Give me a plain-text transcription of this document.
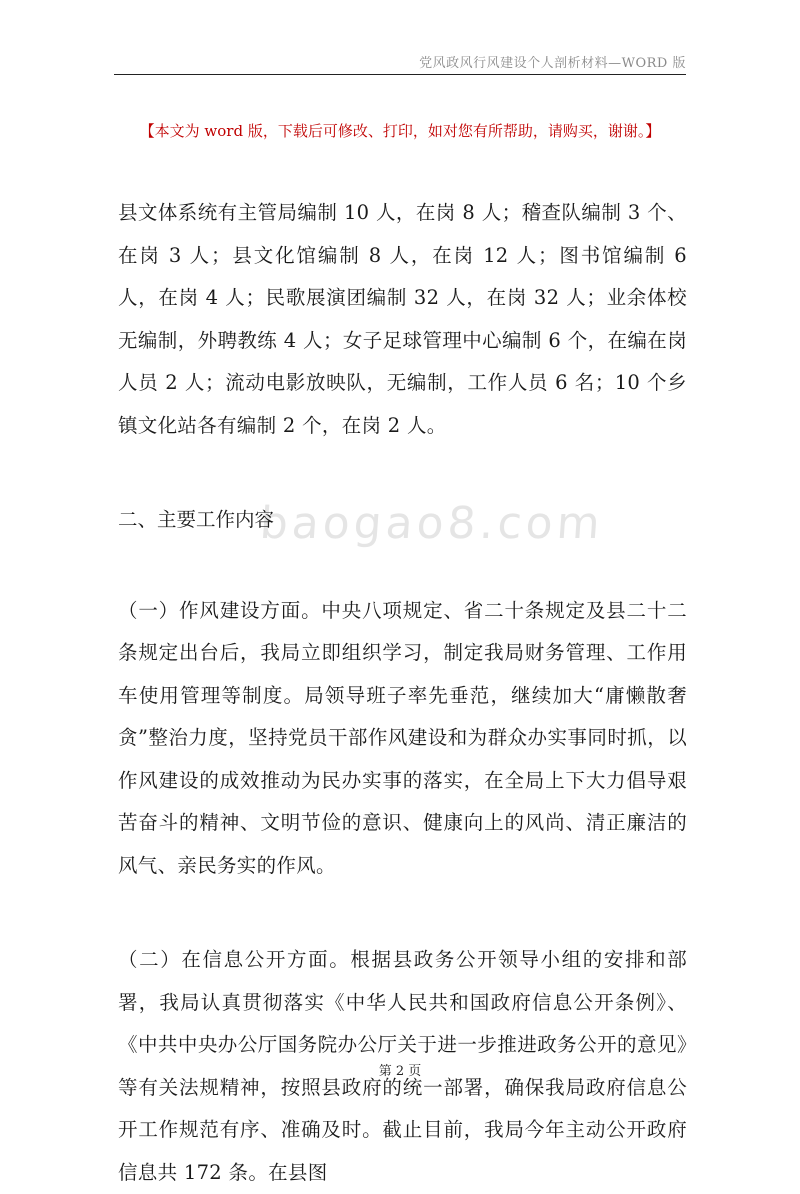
党风政风行风建设个人剖析材料—WORD 版
【本文为 word 版，下载后可修改、打印，如对您有所帮助，请购买，谢谢。】
baogao8.com

县文体系统有主管局编制 10 人，在岗 8 人；稽查队编制 3 个、在岗 3 人；县文化馆编制 8 人，在岗 12 人；图书馆编制 6 人，在岗 4 人；民歌展演团编制 32 人，在岗 32 人；业余体校无编制，外聘教练 4 人；女子足球管理中心编制 6 个，在编在岗人员 2 人；流动电影放映队，无编制，工作人员 6 名；10 个乡镇文化站各有编制 2 个，在岗 2 人。

二、主要工作内容

（一）作风建设方面。中央八项规定、省二十条规定及县二十二条规定出台后，我局立即组织学习，制定我局财务管理、工作用车使用管理等制度。局领导班子率先垂范，继续加大“庸懒散奢贪”整治力度，坚持党员干部作风建设和为群众办实事同时抓，以作风建设的成效推动为民办实事的落实，在全局上下大力倡导艰苦奋斗的精神、文明节俭的意识、健康向上的风尚、清正廉洁的风气、亲民务实的作风。

（二）在信息公开方面。根据县政务公开领导小组的安排和部署，我局认真贯彻落实《中华人民共和国政府信息公开条例》、《中共中央办公厅国务院办公厅关于进一步推进政务公开的意见》等有关法规精神，按照县政府的统一部署，确保我局政府信息公开工作规范有序、准确及时。截止目前，我局今年主动公开政府信息共 172 条。在县图

第 2 页
